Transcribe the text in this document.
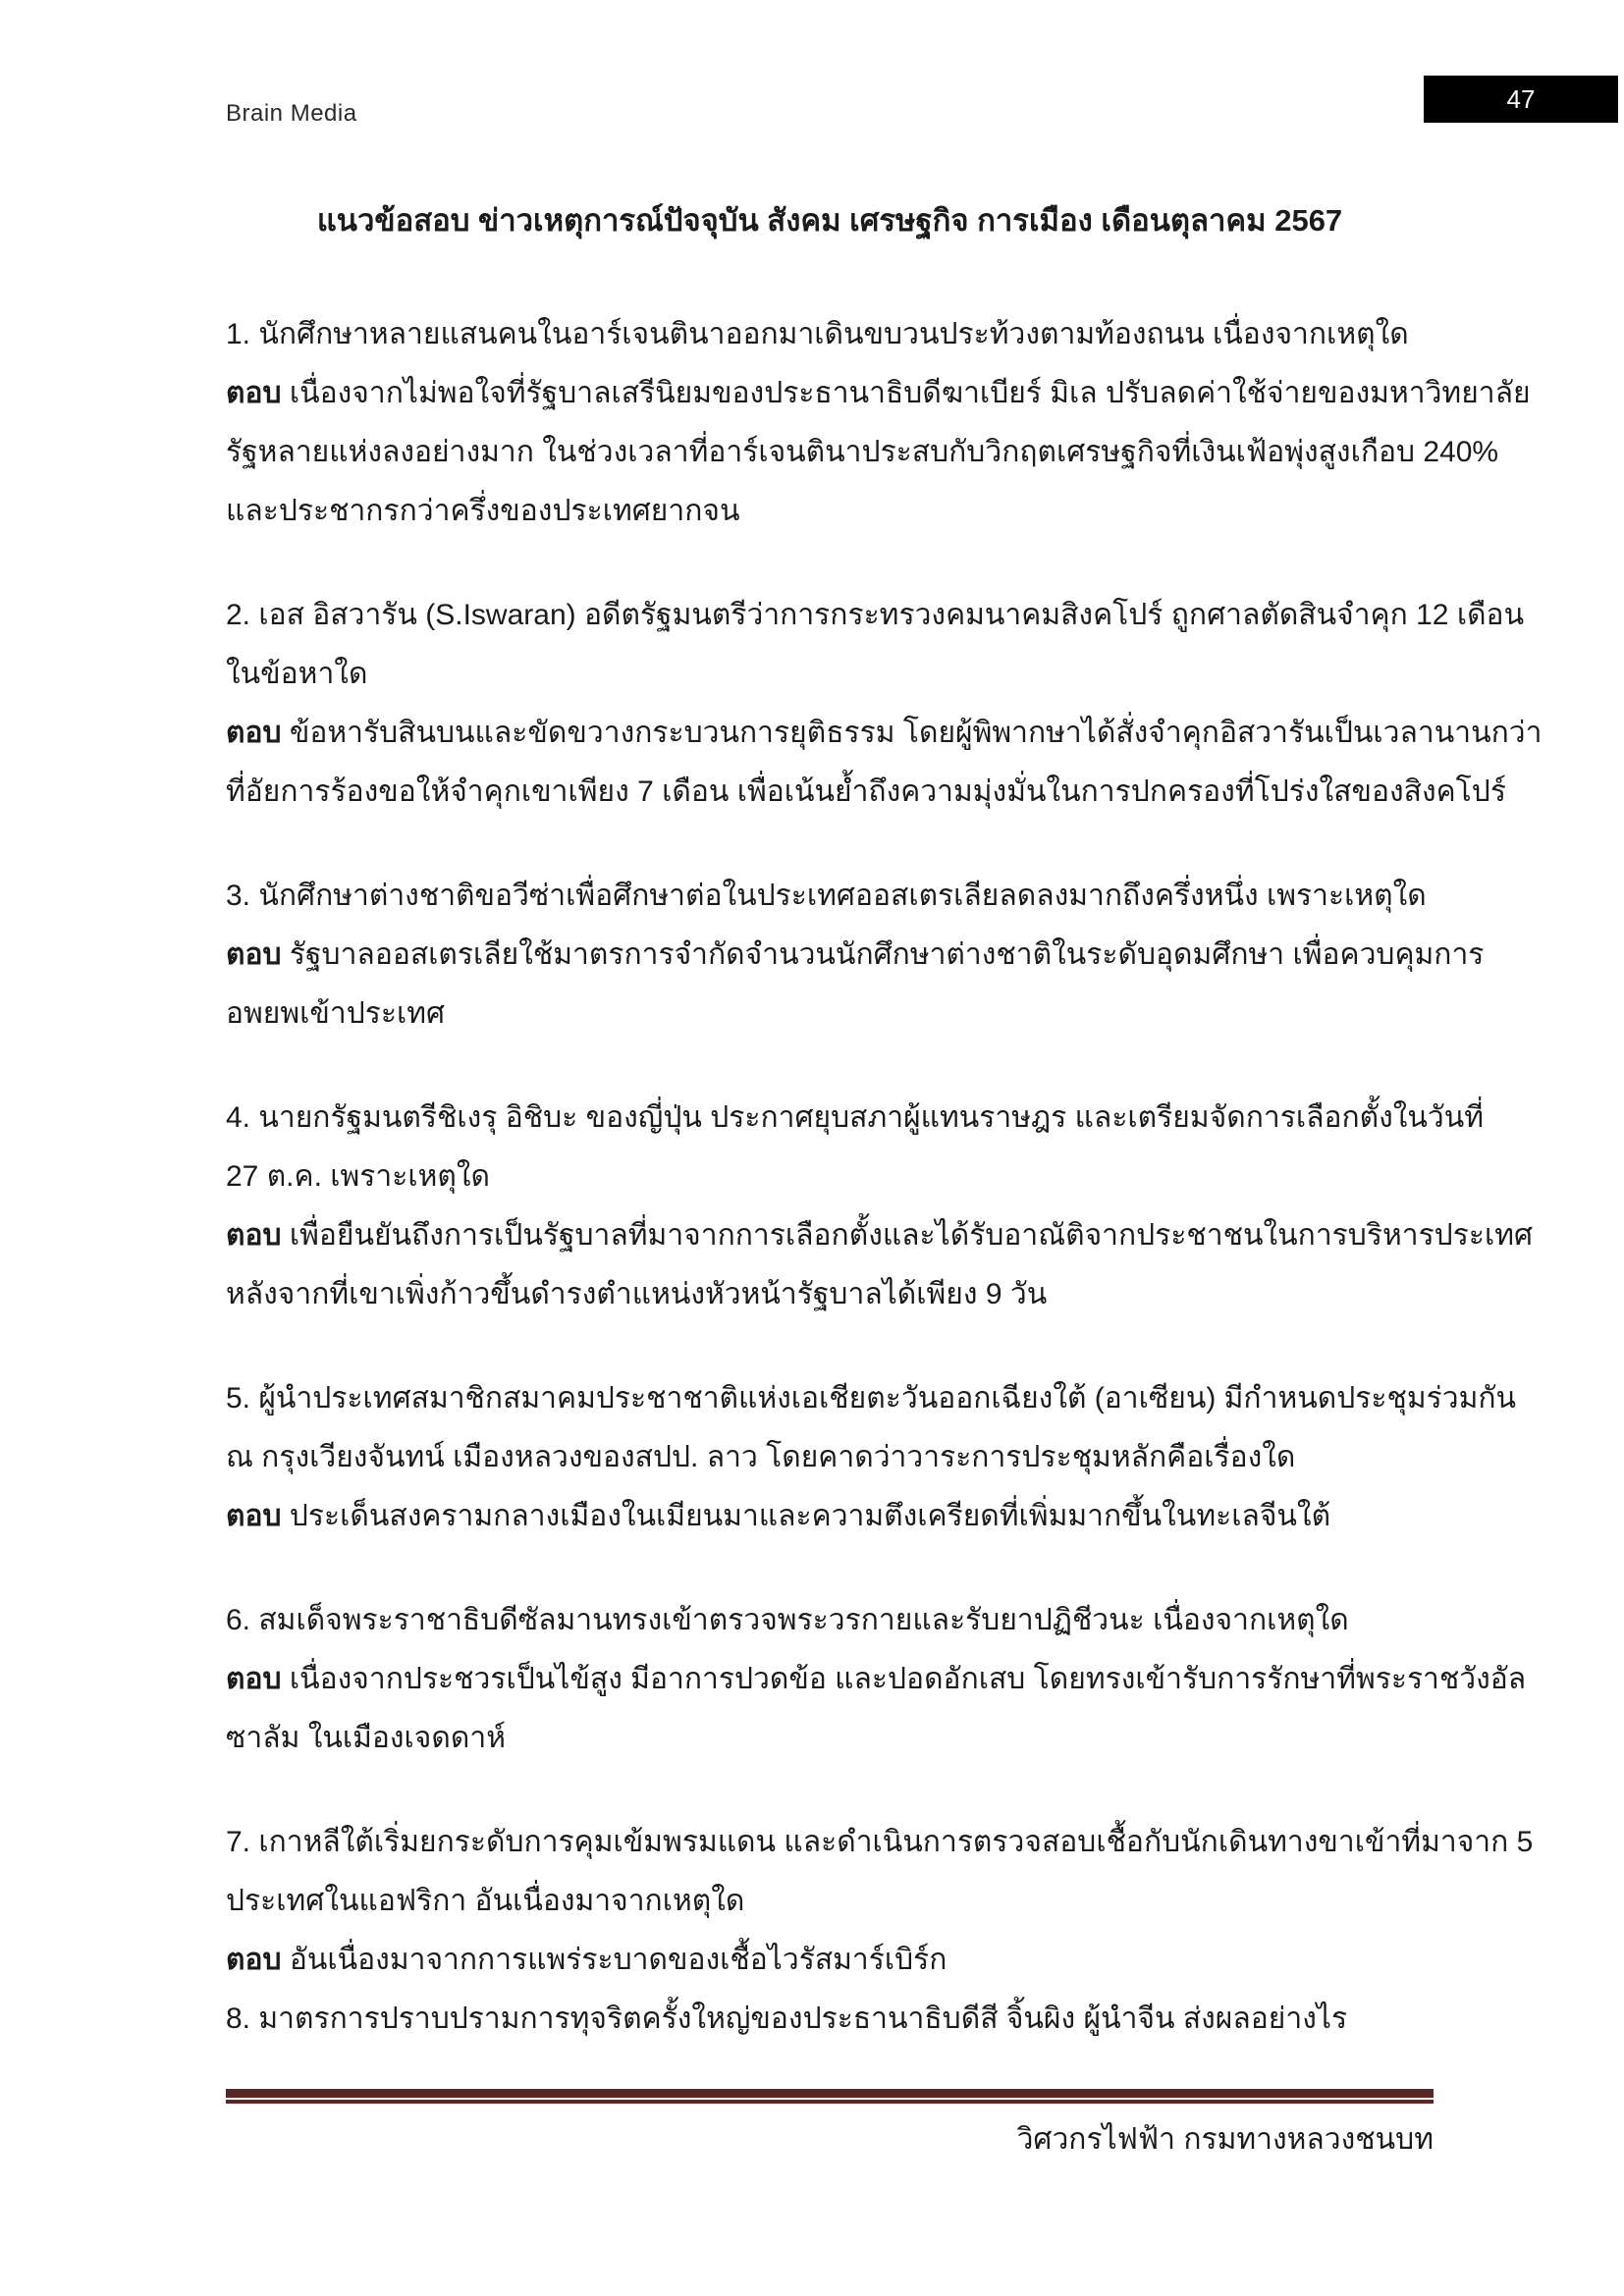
Brain Media	47
แนวข้อสอบ ข่าวเหตุการณ์ปัจจุบัน สังคม เศรษฐกิจ การเมือง เดือนตุลาคม 2567
1. นักศึกษาหลายแสนคนในอาร์เจนตินาออกมาเดินขบวนประท้วงตามท้องถนน เนื่องจากเหตุใด
ตอบ เนื่องจากไม่พอใจที่รัฐบาลเสรีนิยมของประธานาธิบดีฆาเบียร์ มิเล ปรับลดค่าใช้จ่ายของมหาวิทยาลัย
รัฐหลายแห่งลงอย่างมาก ในช่วงเวลาที่อาร์เจนตินาประสบกับวิกฤตเศรษฐกิจที่เงินเฟ้อพุ่งสูงเกือบ 240%
และประชากรกว่าครึ่งของประเทศยากจน
2. เอส อิสวารัน (S.Iswaran) อดีตรัฐมนตรีว่าการกระทรวงคมนาคมสิงคโปร์ ถูกศาลตัดสินจำคุก 12 เดือน
ในข้อหาใด
ตอบ ข้อหารับสินบนและขัดขวางกระบวนการยุติธรรม โดยผู้พิพากษาได้สั่งจำคุกอิสวารันเป็นเวลานานกว่า
ที่อัยการร้องขอให้จำคุกเขาเพียง 7 เดือน เพื่อเน้นย้ำถึงความมุ่งมั่นในการปกครองที่โปร่งใสของสิงคโปร์
3. นักศึกษาต่างชาติขอวีซ่าเพื่อศึกษาต่อในประเทศออสเตรเลียลดลงมากถึงครึ่งหนึ่ง เพราะเหตุใด
ตอบ รัฐบาลออสเตรเลียใช้มาตรการจำกัดจำนวนนักศึกษาต่างชาติในระดับอุดมศึกษา เพื่อควบคุมการ
อพยพเข้าประเทศ
4. นายกรัฐมนตรีชิเงรุ อิชิบะ ของญี่ปุ่น ประกาศยุบสภาผู้แทนราษฎร และเตรียมจัดการเลือกตั้งในวันที่
27 ต.ค. เพราะเหตุใด
ตอบ เพื่อยืนยันถึงการเป็นรัฐบาลที่มาจากการเลือกตั้งและได้รับอาณัติจากประชาชนในการบริหารประเทศ
หลังจากที่เขาเพิ่งก้าวขึ้นดำรงตำแหน่งหัวหน้ารัฐบาลได้เพียง 9 วัน
5. ผู้นำประเทศสมาชิกสมาคมประชาชาติแห่งเอเชียตะวันออกเฉียงใต้ (อาเซียน) มีกำหนดประชุมร่วมกัน
ณ กรุงเวียงจันทน์ เมืองหลวงของสปป. ลาว โดยคาดว่าวาระการประชุมหลักคือเรื่องใด
ตอบ ประเด็นสงครามกลางเมืองในเมียนมาและความตึงเครียดที่เพิ่มมากขึ้นในทะเลจีนใต้
6. สมเด็จพระราชาธิบดีซัลมานทรงเข้าตรวจพระวรกายและรับยาปฏิชีวนะ เนื่องจากเหตุใด
ตอบ เนื่องจากประชวรเป็นไข้สูง มีอาการปวดข้อ และปอดอักเสบ โดยทรงเข้ารับการรักษาที่พระราชวังอัล
ซาลัม ในเมืองเจดดาห์
7. เกาหลีใต้เริ่มยกระดับการคุมเข้มพรมแดน และดำเนินการตรวจสอบเชื้อกับนักเดินทางขาเข้าที่มาจาก 5
ประเทศในแอฟริกา อันเนื่องมาจากเหตุใด
ตอบ อันเนื่องมาจากการแพร่ระบาดของเชื้อไวรัสมาร์เบิร์ก
8. มาตรการปราบปรามการทุจริตครั้งใหญ่ของประธานาธิบดีสี จิ้นผิง ผู้นำจีน ส่งผลอย่างไร
วิศวกรไฟฟ้า กรมทางหลวงชนบท
